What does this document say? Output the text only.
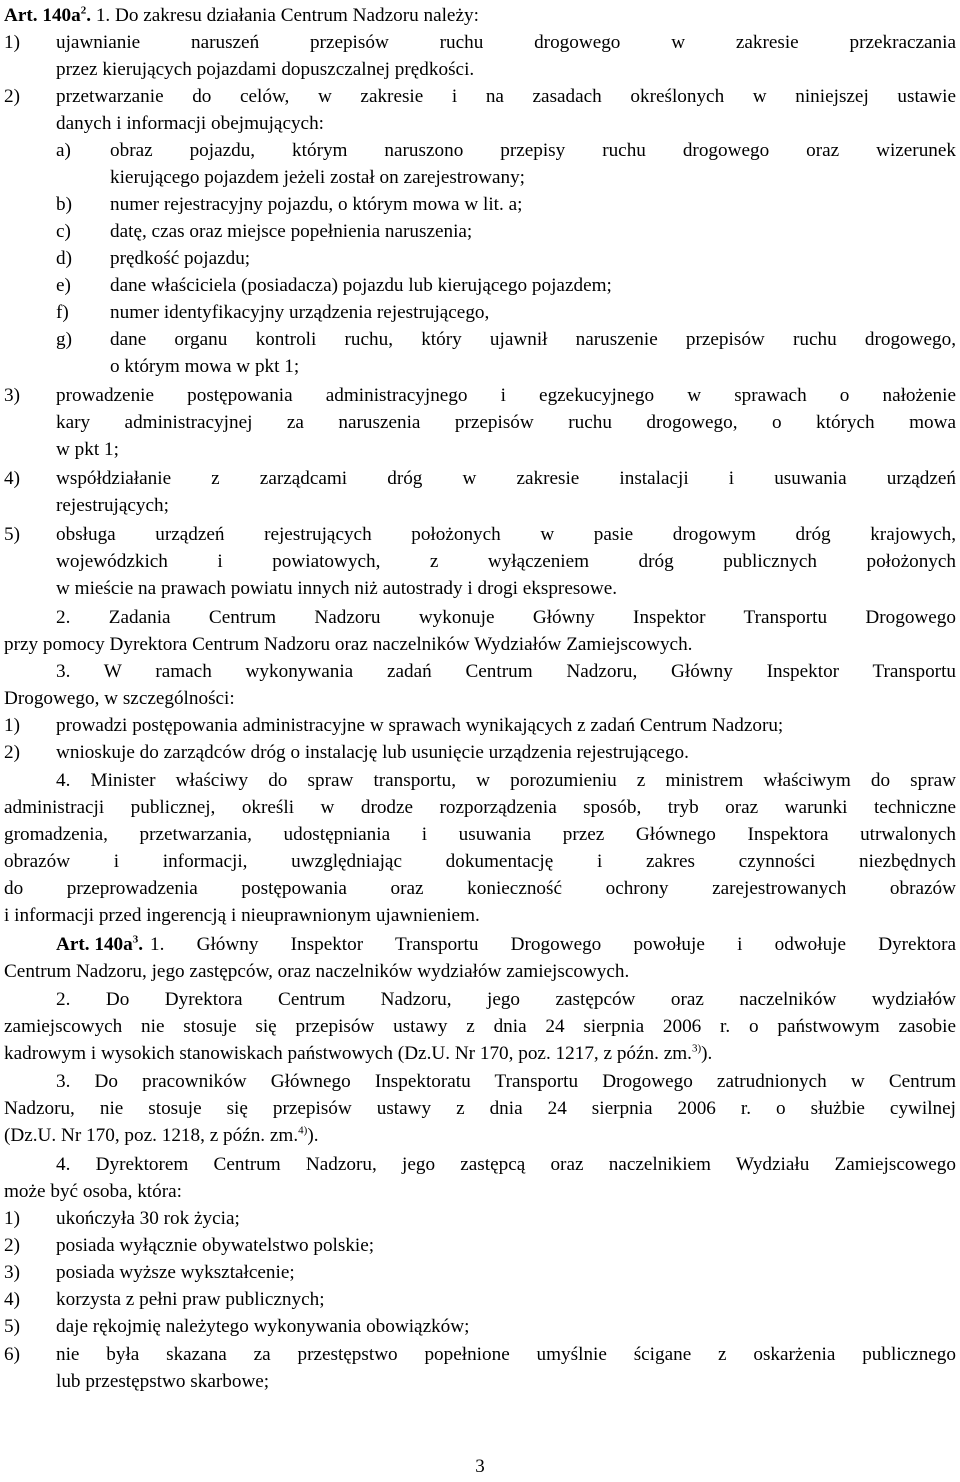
Art. $140a^2$. 1. Do zakresu działania Centrum Nadzoru należy:
1) ujawnianie naruszeń przepisów ruchu drogowego w zakresie przekraczania
przez kierujących pojazdami dopuszczalnej prędkości.
2) przetwarzanie do celów, w zakresie i na zasadach określonych w niniejszej ustawie
danych i informacji obejmujących:
a) obraz pojazdu, którym naruszono przepisy ruchu drogowego oraz wizerunek
kierującego pojazdem jeżeli został on zarejestrowany;
b) numer rejestracyjny pojazdu, o którym mowa w lit. a;
c) datę, czas oraz miejsce popełnienia naruszenia;
d) prędkość pojazdu;
e) dane właściciela (posiadacza) pojazdu lub kierującego pojazdem;
f) numer identyfikacyjny urządzenia rejestrującego,
g) dane organu kontroli ruchu, który ujawnił naruszenie przepisów ruchu drogowego,
o którym mowa w pkt 1;
3) prowadzenie postępowania administracyjnego i egzekucyjnego w sprawach o nałożenie
kary administracyjnej za naruszenia przepisów ruchu drogowego, o których mowa
w pkt 1;
4) współdziałanie z zarządcami dróg w zakresie instalacji i usuwania urządzeń
rejestrujących;
5) obsługa urządzeń rejestrujących położonych w pasie drogowym dróg krajowych,
wojewódzkich i powiatowych, z wyłączeniem dróg publicznych położonych
w mieście na prawach powiatu innych niż autostrady i drogi ekspresowe.
2. Zadania Centrum Nadzoru wykonuje Główny Inspektor Transportu Drogowego
przy pomocy Dyrektora Centrum Nadzoru oraz naczelników Wydziałów Zamiejscowych.
3. W ramach wykonywania zadań Centrum Nadzoru, Główny Inspektor Transportu
Drogowego, w szczególności:
1) prowadzi postępowania administracyjne w sprawach wynikających z zadań Centrum Nadzoru;
2) wnioskuje do zarządców dróg o instalację lub usunięcie urządzenia rejestrującego.
4. Minister właściwy do spraw transportu, w porozumieniu z ministrem właściwym do spraw
administracji publicznej, określi w drodze rozporządzenia sposób, tryb oraz warunki techniczne
gromadzenia, przetwarzania, udostępniania i usuwania przez Głównego Inspektora utrwalonych
obrazów i informacji, uwzględniając dokumentację i zakres czynności niezbędnych
do przeprowadzenia postępowania oraz konieczność ochrony zarejestrowanych obrazów
i informacji przed ingerencją i nieuprawnionym ujawnieniem.
Art. $140a^3$. 1. Główny Inspektor Transportu Drogowego powołuje i odwołuje Dyrektora
Centrum Nadzoru, jego zastępców, oraz naczelników wydziałów zamiejscowych.
2. Do Dyrektora Centrum Nadzoru, jego zastępców oraz naczelników wydziałów
zamiejscowych nie stosuje się przepisów ustawy z dnia 24 sierpnia 2006 r. o państwowym zasobie
kadrowym i wysokich stanowiskach państwowych (Dz.U. Nr 170, poz. 1217, z późn. zm.$^{3)}$).
3. Do pracowników Głównego Inspektoratu Transportu Drogowego zatrudnionych w Centrum
Nadzoru, nie stosuje się przepisów ustawy z dnia 24 sierpnia 2006 r. o służbie cywilnej
(Dz.U. Nr 170, poz. 1218, z późn. zm.$^{4)}$).
4. Dyrektorem Centrum Nadzoru, jego zastępcą oraz naczelnikiem Wydziału Zamiejscowego
może być osoba, która:
1) ukończyła 30 rok życia;
2) posiada wyłącznie obywatelstwo polskie;
3) posiada wyższe wykształcenie;
4) korzysta z pełni praw publicznych;
5) daje rękojmię należytego wykonywania obowiązków;
6) nie była skazana za przestępstwo popełnione umyślnie ścigane z oskarżenia publicznego
lub przestępstwo skarbowe;
3
